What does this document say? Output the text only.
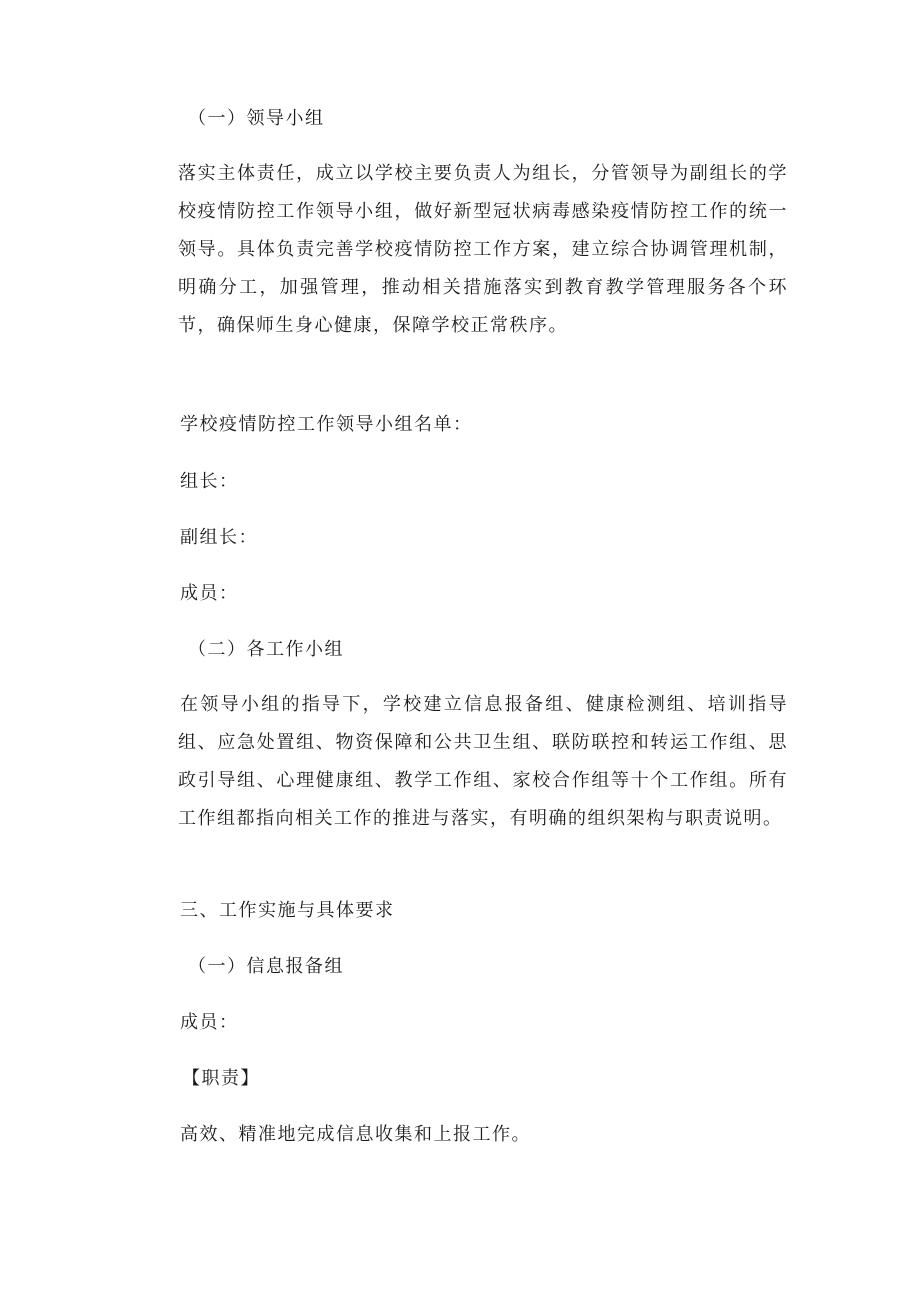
（一）领导小组
落实主体责任，成立以学校主要负责人为组长，分管领导为副组长的学校疫情防控工作领导小组，做好新型冠状病毒感染疫情防控工作的统一领导。具体负责完善学校疫情防控工作方案，建立综合协调管理机制，明确分工，加强管理，推动相关措施落实到教育教学管理服务各个环节，确保师生身心健康，保障学校正常秩序。
学校疫情防控工作领导小组名单：
组长：
副组长：
成员：
（二）各工作小组
在领导小组的指导下，学校建立信息报备组、健康检测组、培训指导组、应急处置组、物资保障和公共卫生组、联防联控和转运工作组、思政引导组、心理健康组、教学工作组、家校合作组等十个工作组。所有工作组都指向相关工作的推进与落实，有明确的组织架构与职责说明。
三、工作实施与具体要求
（一）信息报备组
成员：
【职责】
高效、精准地完成信息收集和上报工作。
